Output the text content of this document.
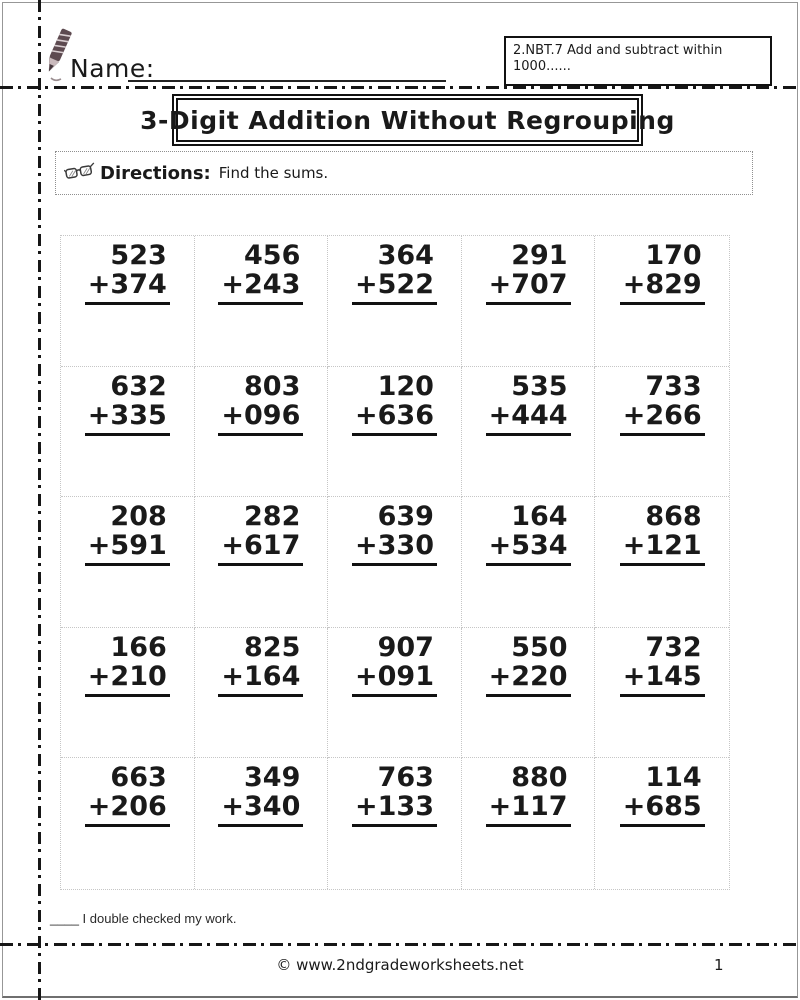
Name:
2.NBT.7 Add and subtract within 1000......
3-Digit Addition Without Regrouping
Directions: Find the sums.
523
+374
456
+243
364
+522
291
+707
170
+829
632
+335
803
+096
120
+636
535
+444
733
+266
208
+591
282
+617
639
+330
164
+534
868
+121
166
+210
825
+164
907
+091
550
+220
732
+145
663
+206
349
+340
763
+133
880
+117
114
+685
____ I double checked my work.
© www.2ndgradeworksheets.net	1
